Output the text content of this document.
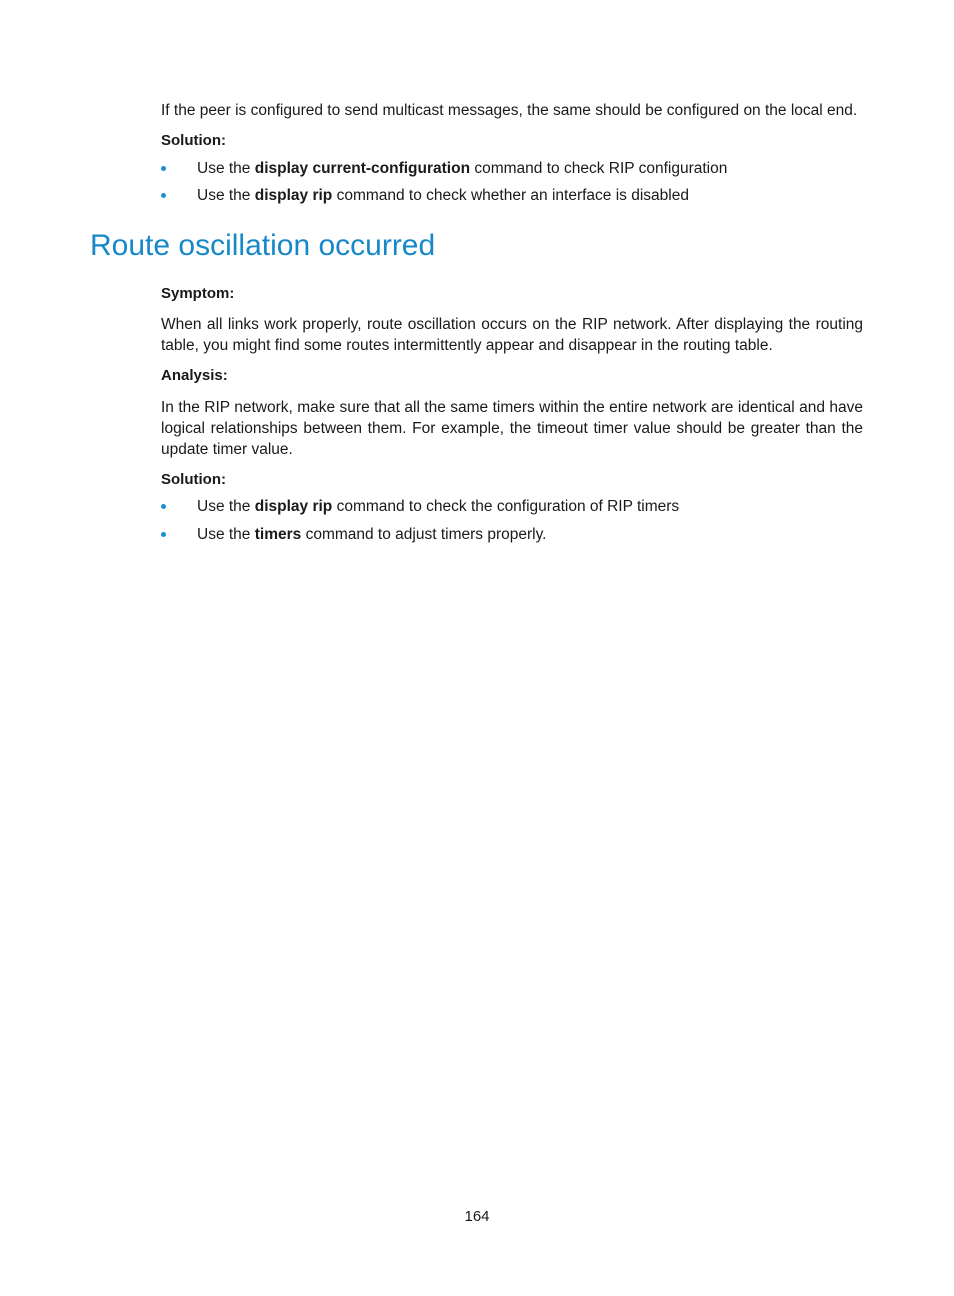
If the peer is configured to send multicast messages, the same should be configured on the local end.

Solution:

Use the display current-configuration command to check RIP configuration
Use the display rip command to check whether an interface is disabled
Route oscillation occurred

Symptom:

When all links work properly, route oscillation occurs on the RIP network. After displaying the routing table, you might find some routes intermittently appear and disappear in the routing table.

Analysis:

In the RIP network, make sure that all the same timers within the entire network are identical and have logical relationships between them. For example, the timeout timer value should be greater than the update timer value.

Solution:

Use the display rip command to check the configuration of RIP timers
Use the timers command to adjust timers properly.
164
